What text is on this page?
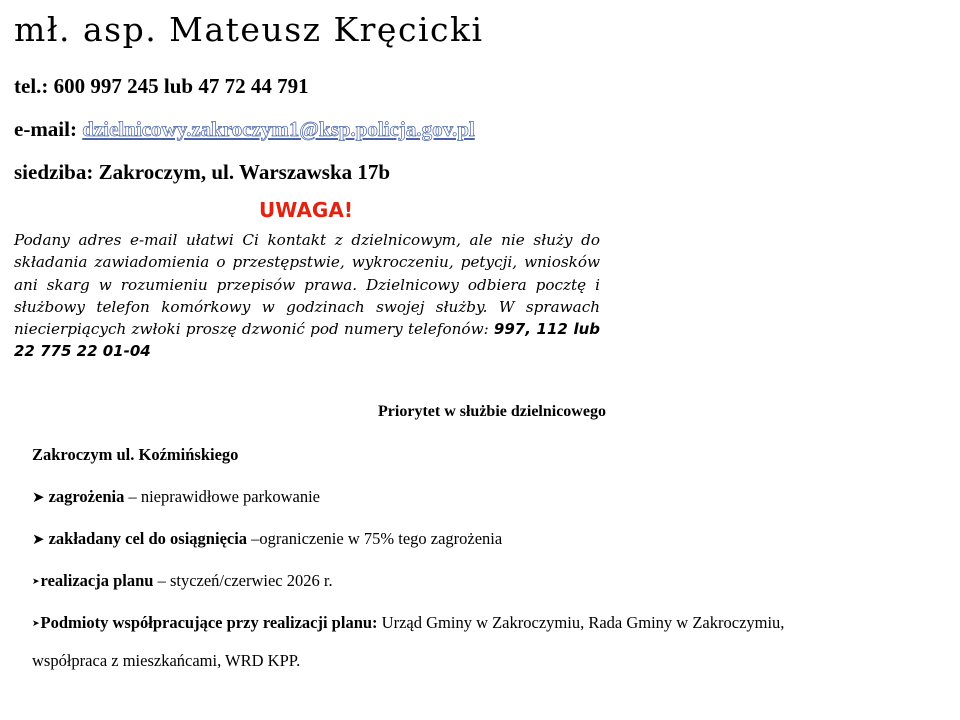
mł. asp. Mateusz Kręcicki
tel.: 600 997 245 lub 47 72 44 791
e-mail: dzielnicowy.zakroczym1@ksp.policja.gov.pl
siedziba: Zakroczym, ul. Warszawska 17b
UWAGA!
Podany adres e-mail ułatwi Ci kontakt z dzielnicowym, ale nie służy do składania zawiadomienia o przestępstwie, wykroczeniu, petycji, wniosków ani skarg w rozumieniu przepisów prawa. Dzielnicowy odbiera pocztę i służbowy telefon komórkowy w godzinach swojej służby. W sprawach niecierpiących zwłoki proszę dzwonić pod numery telefonów: 997, 112 lub 22 775 22 01-04
Priorytet w służbie dzielnicowego
Zakroczym ul. Koźmińskiego
➤ zagrożenia – nieprawidłowe parkowanie
➤ zakładany cel do osiągnięcia –ograniczenie w 75% tego zagrożenia
➤realizacja planu – styczeń/czerwiec 2026 r.
➤Podmioty współpracujące przy realizacji planu: Urząd Gminy w Zakroczymiu, Rada Gminy w Zakroczymiu,
współpraca z mieszkańcami, WRD KPP.
